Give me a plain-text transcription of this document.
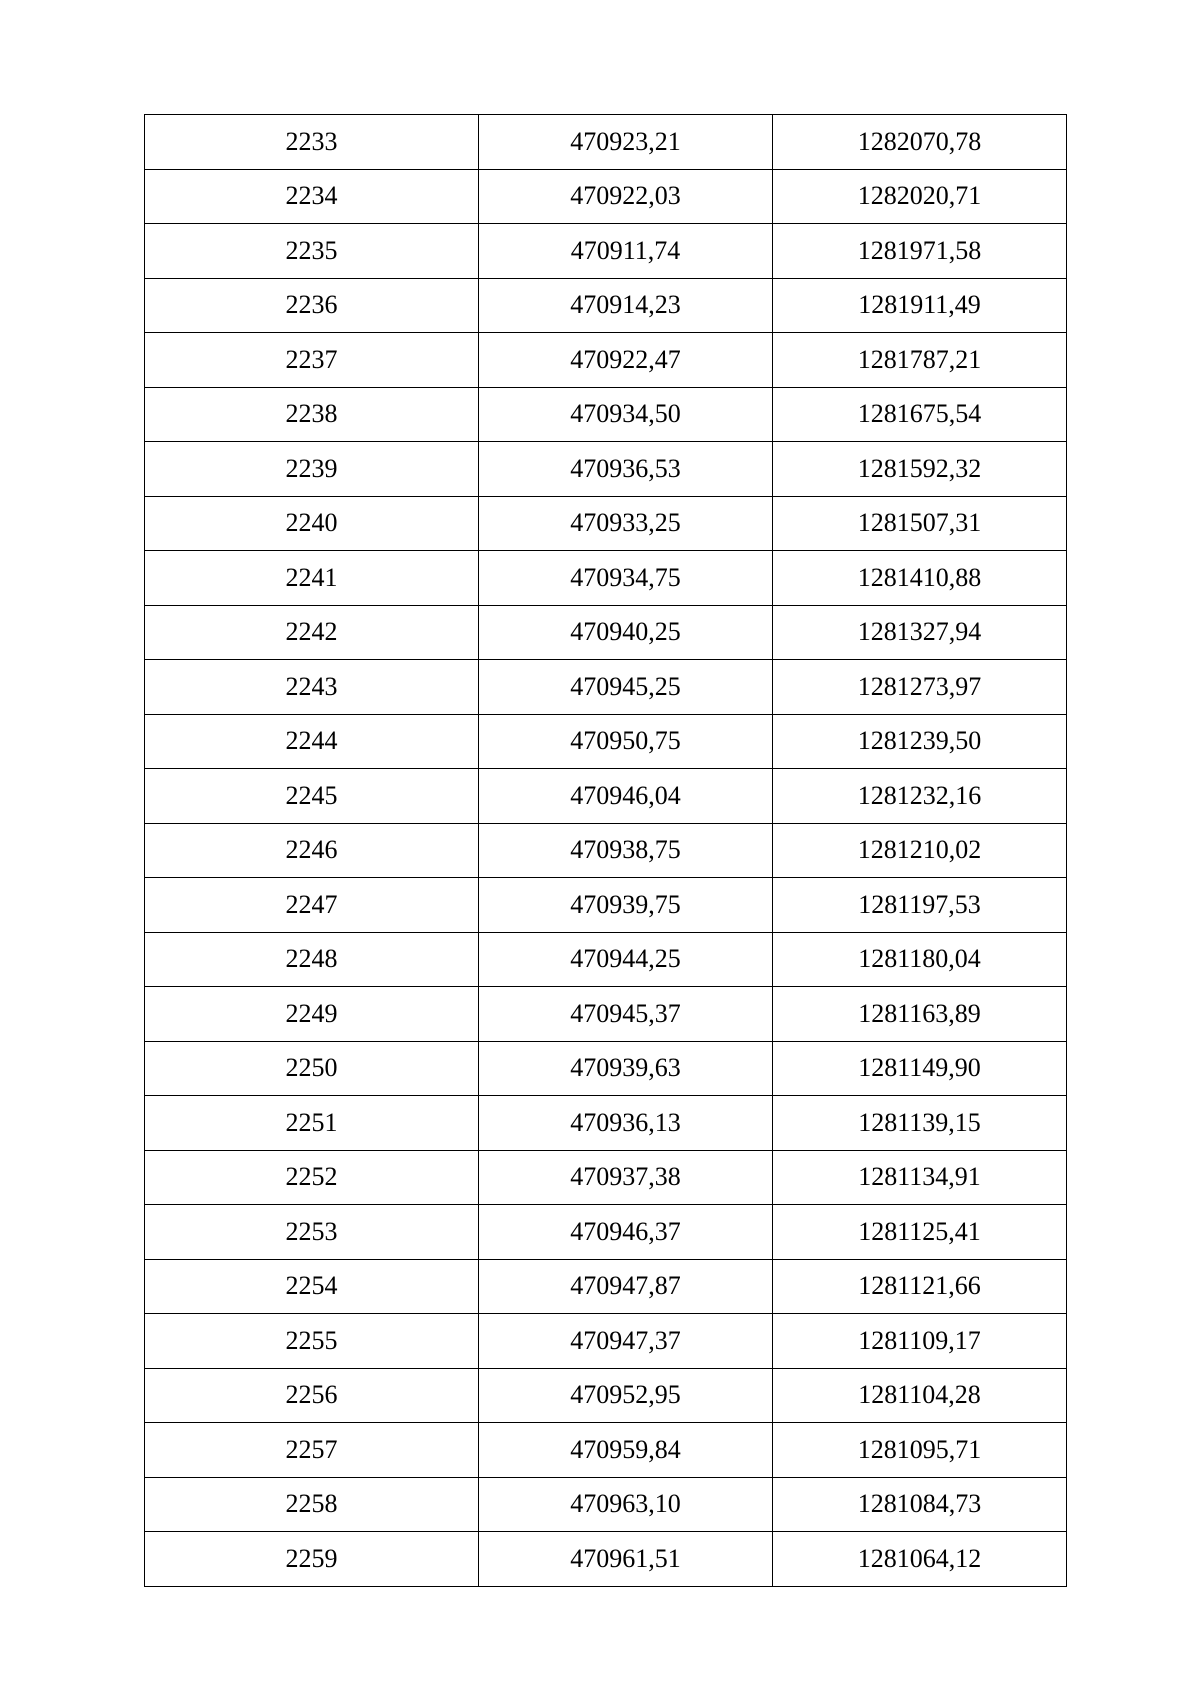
2233	470923,21	1282070,78
2234	470922,03	1282020,71
2235	470911,74	1281971,58
2236	470914,23	1281911,49
2237	470922,47	1281787,21
2238	470934,50	1281675,54
2239	470936,53	1281592,32
2240	470933,25	1281507,31
2241	470934,75	1281410,88
2242	470940,25	1281327,94
2243	470945,25	1281273,97
2244	470950,75	1281239,50
2245	470946,04	1281232,16
2246	470938,75	1281210,02
2247	470939,75	1281197,53
2248	470944,25	1281180,04
2249	470945,37	1281163,89
2250	470939,63	1281149,90
2251	470936,13	1281139,15
2252	470937,38	1281134,91
2253	470946,37	1281125,41
2254	470947,87	1281121,66
2255	470947,37	1281109,17
2256	470952,95	1281104,28
2257	470959,84	1281095,71
2258	470963,10	1281084,73
2259	470961,51	1281064,12
